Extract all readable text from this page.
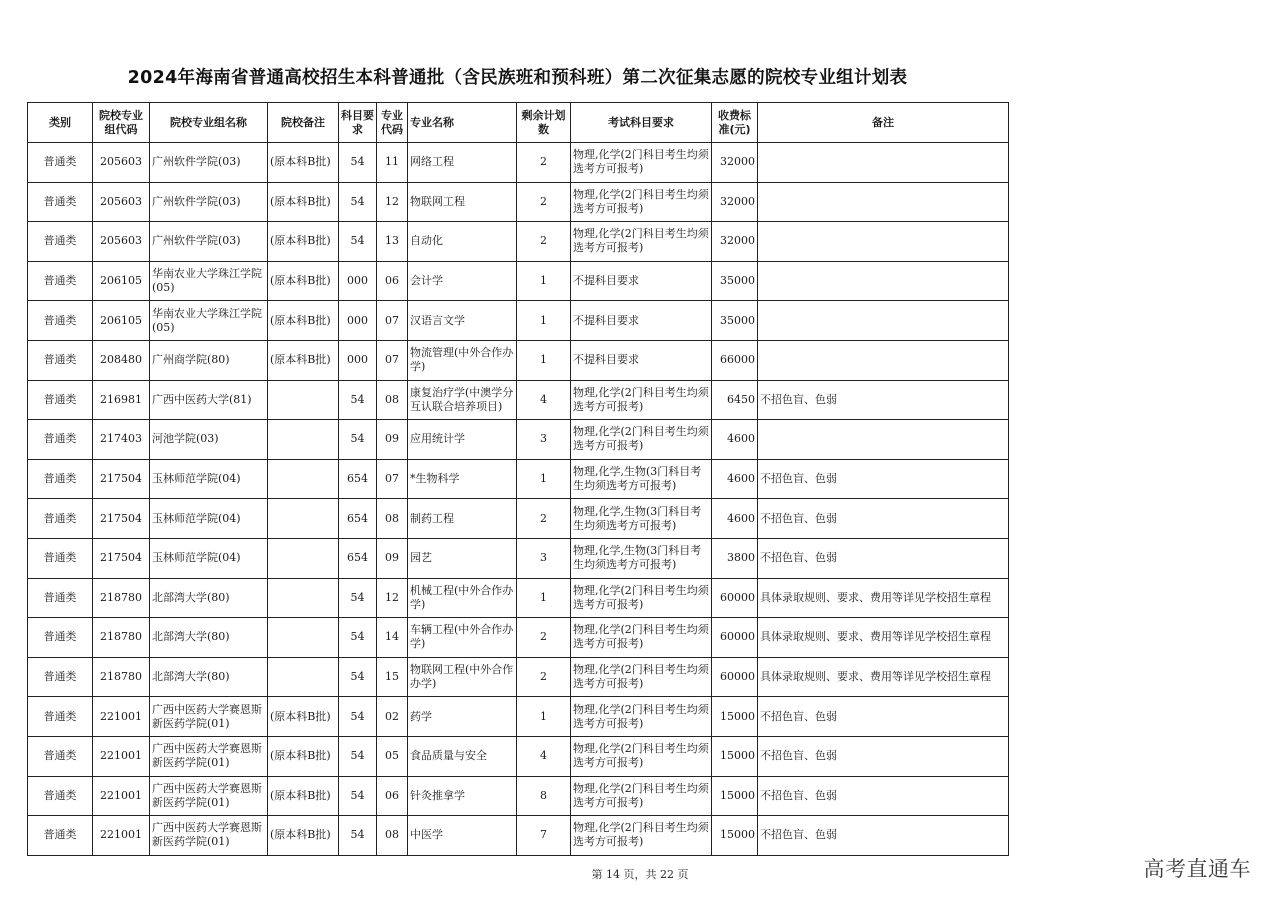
2024年海南省普通高校招生本科普通批（含民族班和预科班）第二次征集志愿的院校专业组计划表
类别	院校专业组代码	院校专业组名称	院校备注	科目要求	专业代码	专业名称	剩余计划数	考试科目要求	收费标准(元)	备注

普通类	205603	广州软件学院(03)	(原本科B批)	54	11	网络工程	2	物理,化学(2门科目考生均须选考方可报考)	32000	

普通类	205603	广州软件学院(03)	(原本科B批)	54	12	物联网工程	2	物理,化学(2门科目考生均须选考方可报考)	32000	

普通类	205603	广州软件学院(03)	(原本科B批)	54	13	自动化	2	物理,化学(2门科目考生均须选考方可报考)	32000	

普通类	206105	华南农业大学珠江学院(05)	(原本科B批)	000	06	会计学	1	不提科目要求	35000	

普通类	206105	华南农业大学珠江学院(05)	(原本科B批)	000	07	汉语言文学	1	不提科目要求	35000	

普通类	208480	广州商学院(80)	(原本科B批)	000	07	物流管理(中外合作办学)	1	不提科目要求	66000	

普通类	216981	广西中医药大学(81)		54	08	康复治疗学(中澳学分互认联合培养项目)	4	物理,化学(2门科目考生均须选考方可报考)	6450	不招色盲、色弱

普通类	217403	河池学院(03)		54	09	应用统计学	3	物理,化学(2门科目考生均须选考方可报考)	4600	

普通类	217504	玉林师范学院(04)		654	07	*生物科学	1	物理,化学,生物(3门科目考生均须选考方可报考)	4600	不招色盲、色弱

普通类	217504	玉林师范学院(04)		654	08	制药工程	2	物理,化学,生物(3门科目考生均须选考方可报考)	4600	不招色盲、色弱

普通类	217504	玉林师范学院(04)		654	09	园艺	3	物理,化学,生物(3门科目考生均须选考方可报考)	3800	不招色盲、色弱

普通类	218780	北部湾大学(80)		54	12	机械工程(中外合作办学)	1	物理,化学(2门科目考生均须选考方可报考)	60000	具体录取规则、要求、费用等详见学校招生章程

普通类	218780	北部湾大学(80)		54	14	车辆工程(中外合作办学)	2	物理,化学(2门科目考生均须选考方可报考)	60000	具体录取规则、要求、费用等详见学校招生章程

普通类	218780	北部湾大学(80)		54	15	物联网工程(中外合作办学)	2	物理,化学(2门科目考生均须选考方可报考)	60000	具体录取规则、要求、费用等详见学校招生章程

普通类	221001	广西中医药大学赛恩斯新医药学院(01)	(原本科B批)	54	02	药学	1	物理,化学(2门科目考生均须选考方可报考)	15000	不招色盲、色弱

普通类	221001	广西中医药大学赛恩斯新医药学院(01)	(原本科B批)	54	05	食品质量与安全	4	物理,化学(2门科目考生均须选考方可报考)	15000	不招色盲、色弱

普通类	221001	广西中医药大学赛恩斯新医药学院(01)	(原本科B批)	54	06	针灸推拿学	8	物理,化学(2门科目考生均须选考方可报考)	15000	不招色盲、色弱

普通类	221001	广西中医药大学赛恩斯新医药学院(01)	(原本科B批)	54	08	中医学	7	物理,化学(2门科目考生均须选考方可报考)	15000	不招色盲、色弱
第 14 页，共 22 页	高考直通车
